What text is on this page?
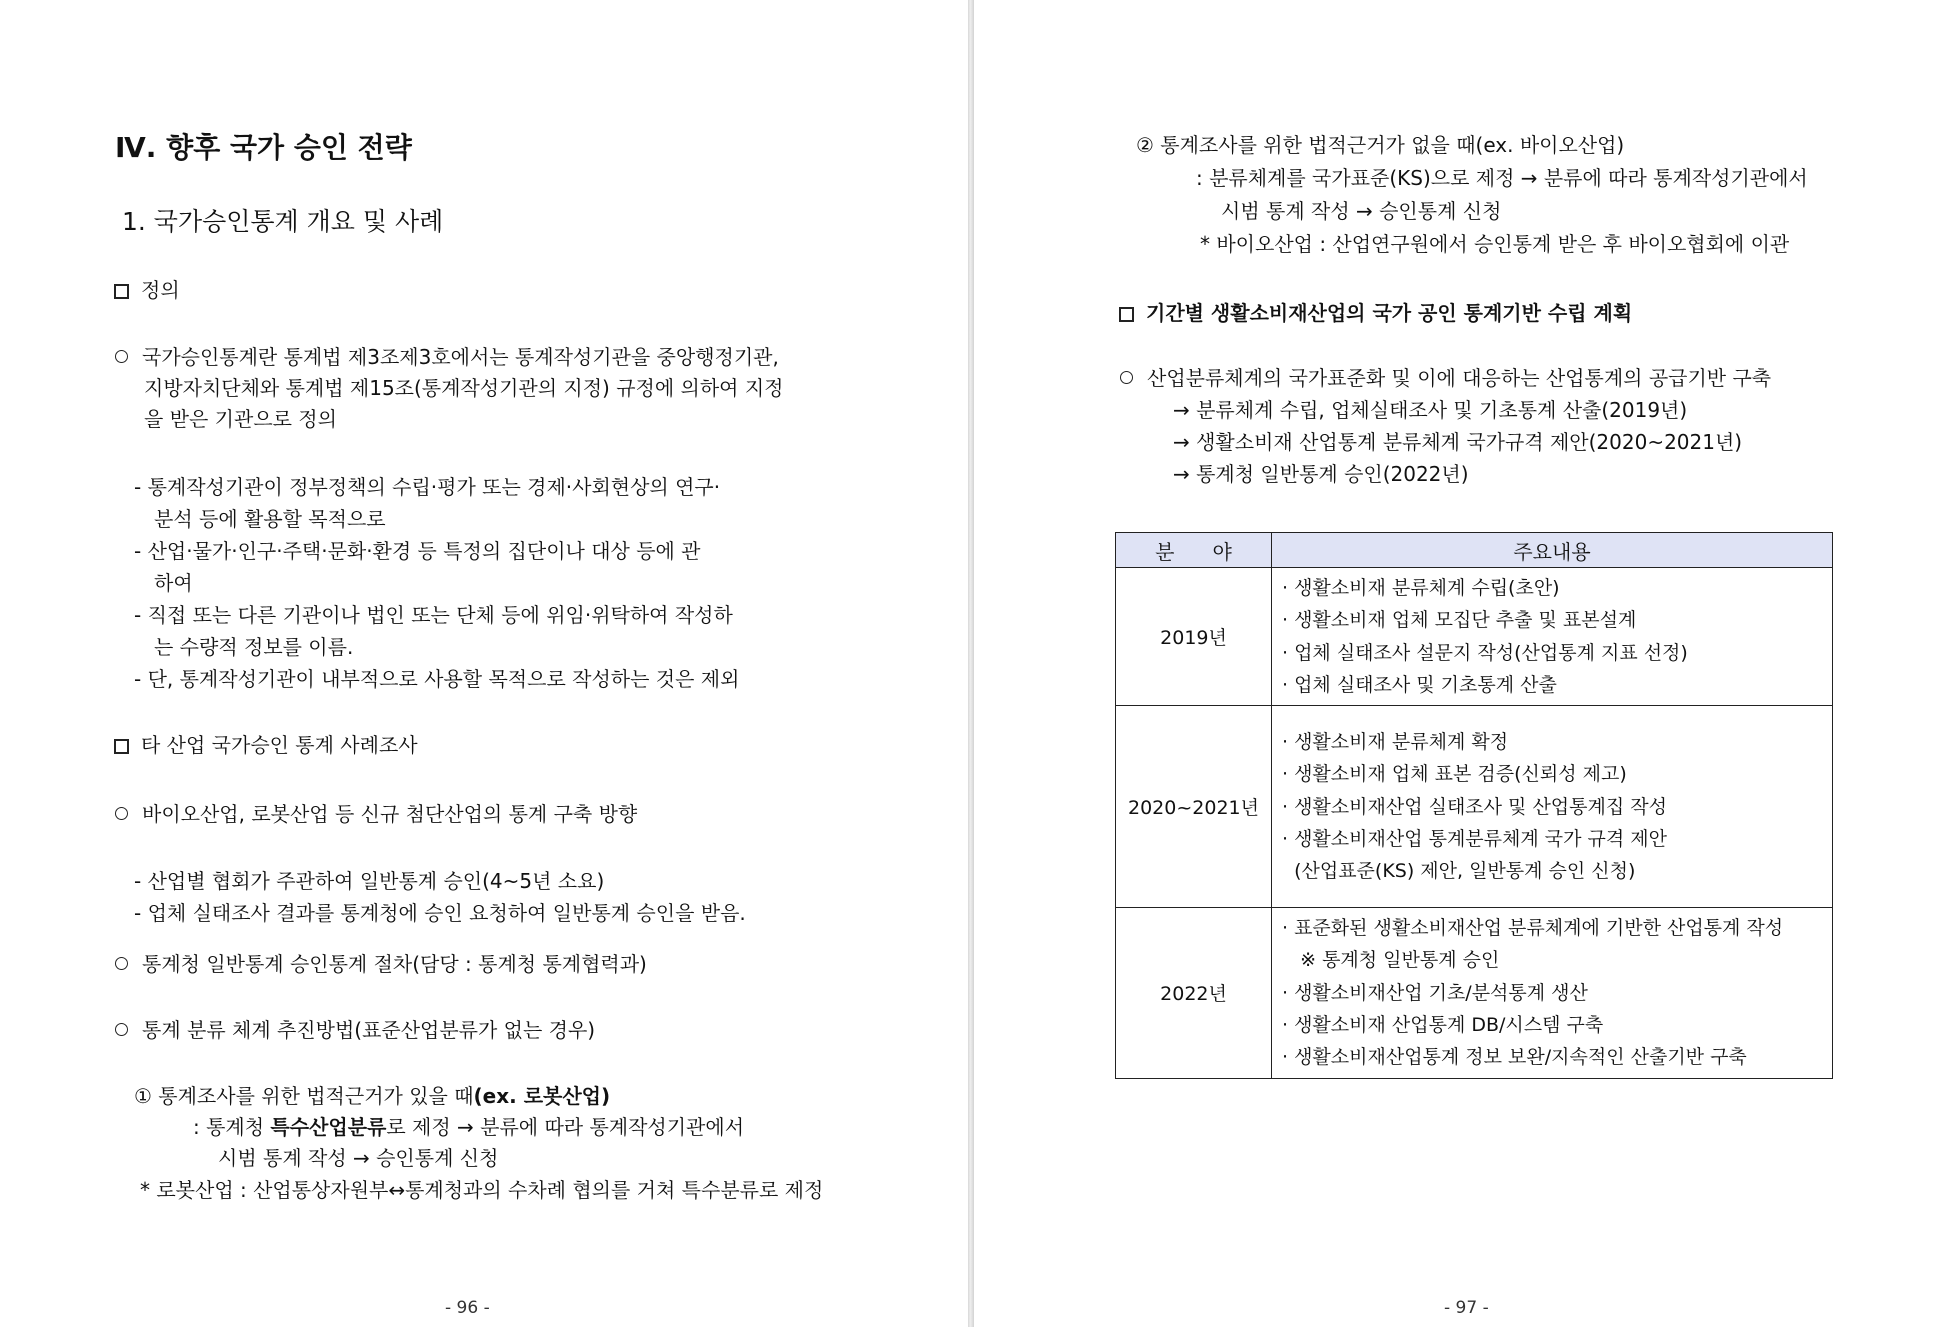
Ⅳ. 향후 국가 승인 전략
1. 국가승인통계 개요 및 사례
정의
국가승인통계란 통계법 제3조제3호에서는 통계작성기관을 중앙행정기관,
지방자치단체와 통계법 제15조(통계작성기관의 지정) 규정에 의하여 지정
을 받은 기관으로 정의
- 통계작성기관이 정부정책의 수립·평가 또는 경제·사회현상의 연구·
분석 등에 활용할 목적으로
- 산업·물가·인구·주택·문화·환경 등 특정의 집단이나 대상 등에 관
하여
- 직접 또는 다른 기관이나 법인 또는 단체 등에 위임·위탁하여 작성하
는 수량적 정보를 이름.
- 단, 통계작성기관이 내부적으로 사용할 목적으로 작성하는 것은 제외
타 산업 국가승인 통계 사례조사
바이오산업, 로봇산업 등 신규 첨단산업의 통계 구축 방향
- 산업별 협회가 주관하여 일반통계 승인(4~5년 소요)
- 업체 실태조사 결과를 통계청에 승인 요청하여 일반통계 승인을 받음.
통계청 일반통계 승인통계 절차(담당 : 통계청 통계협력과)
통계 분류 체계 추진방법(표준산업분류가 없는 경우)
① 통계조사를 위한 법적근거가 있을 때(ex. 로봇산업)
: 통계청 특수산업분류로 제정 → 분류에 따라 통계작성기관에서
시범 통계 작성 → 승인통계 신청
* 로봇산업 : 산업통상자원부↔통계청과의 수차례 협의를 거쳐 특수분류로 제정
- 96 -
② 통계조사를 위한 법적근거가 없을 때(ex. 바이오산업)
: 분류체계를 국가표준(KS)으로 제정 → 분류에 따라 통계작성기관에서
시범 통계 작성 → 승인통계 신청
* 바이오산업 : 산업연구원에서 승인통계 받은 후 바이오협회에 이관
기간별 생활소비재산업의 국가 공인 통계기반 수립 계획
산업분류체계의 국가표준화 및 이에 대응하는 산업통계의 공급기반 구축
→ 분류체계 수립, 업체실태조사 및 기초통계 산출(2019년)
→ 생활소비재 산업통계 분류체계 국가규격 제안(2020~2021년)
→ 통계청 일반통계 승인(2022년)
분      야	주요내용
2019년	· 생활소비재 분류체계 수립(초안)
· 생활소비재 업체 모집단 추출 및 표본설계
· 업체 실태조사 설문지 작성(산업통계 지표 선정)
· 업체 실태조사 및 기초통계 산출

2020~2021년	· 생활소비재 분류체계 확정
· 생활소비재 업체 표본 검증(신뢰성 제고)
· 생활소비재산업 실태조사 및 산업통계집 작성
· 생활소비재산업 통계분류체계 국가 규격 제안
(산업표준(KS) 제안, 일반통계 승인 신청)

2022년	· 표준화된 생활소비재산업 분류체계에 기반한 산업통계 작성
※ 통계청 일반통계 승인
· 생활소비재산업 기초/분석통계 생산
· 생활소비재 산업통계 DB/시스템 구축
· 생활소비재산업통계 정보 보완/지속적인 산출기반 구축
- 97 -
